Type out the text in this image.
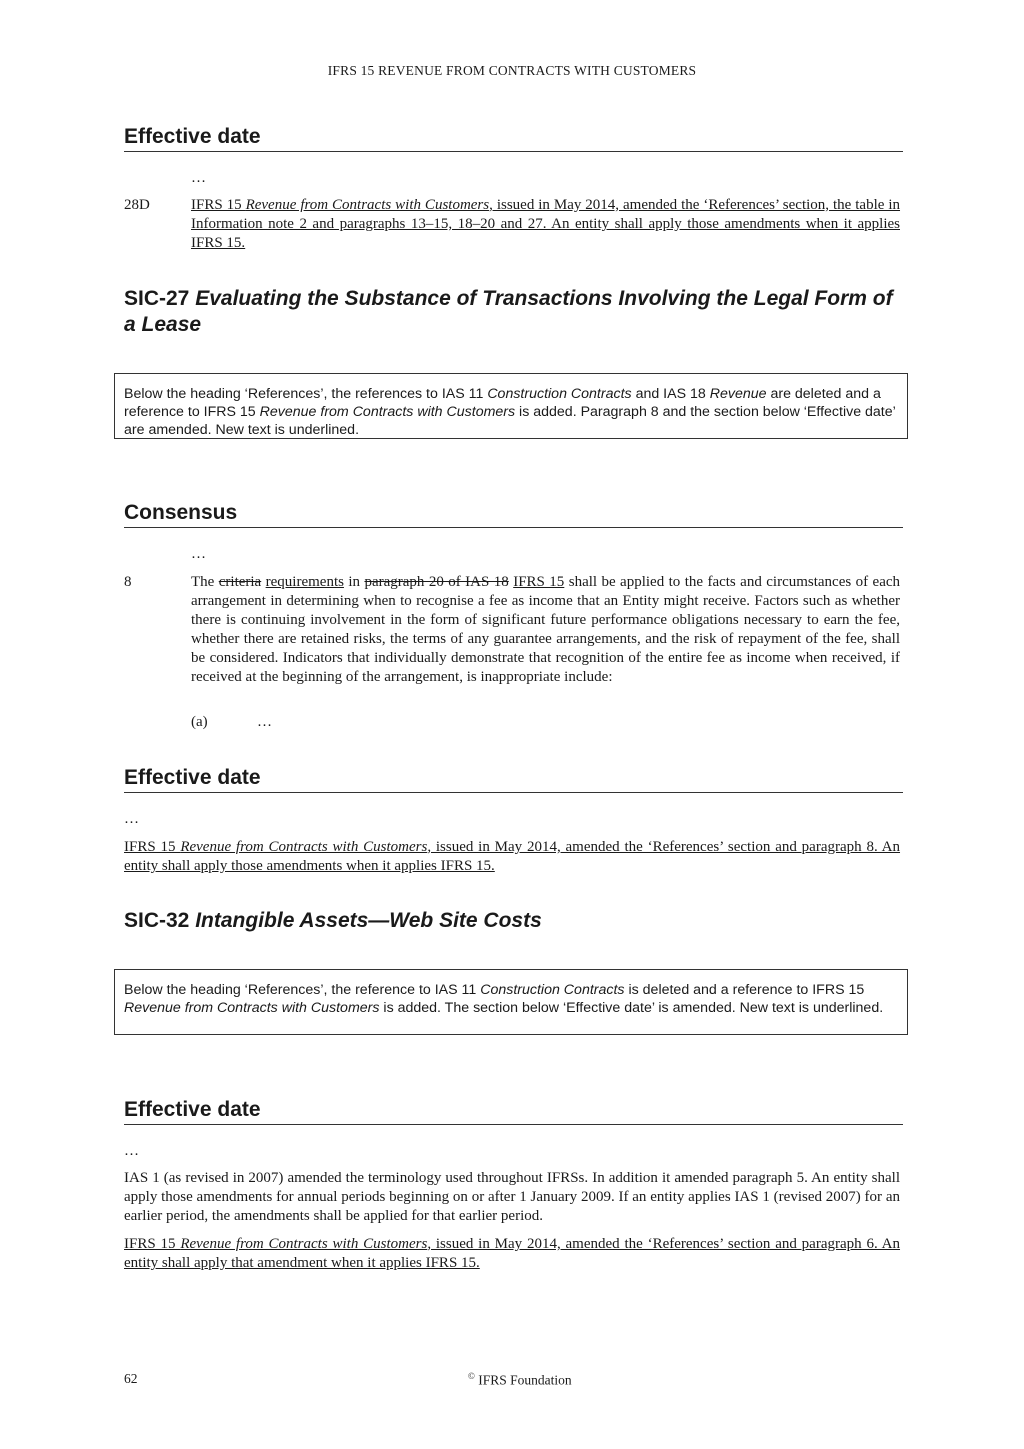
IFRS 15 REVENUE FROM CONTRACTS WITH CUSTOMERS
Effective date
…
28D	IFRS 15 Revenue from Contracts with Customers, issued in May 2014, amended the ‘References’ section, the table in Information note 2 and paragraphs 13–15, 18–20 and 27. An entity shall apply those amendments when it applies IFRS 15.
SIC-27 Evaluating the Substance of Transactions Involving the Legal Form of a Lease
Below the heading ‘References’, the references to IAS 11 Construction Contracts and IAS 18 Revenue are deleted and a reference to IFRS 15 Revenue from Contracts with Customers is added. Paragraph 8 and the section below ‘Effective date’ are amended. New text is underlined.
Consensus
…
8	The criteria requirements in paragraph 20 of IAS 18 IFRS 15 shall be applied to the facts and circumstances of each arrangement in determining when to recognise a fee as income that an Entity might receive. Factors such as whether there is continuing involvement in the form of significant future performance obligations necessary to earn the fee, whether there are retained risks, the terms of any guarantee arrangements, and the risk of repayment of the fee, shall be considered. Indicators that individually demonstrate that recognition of the entire fee as income when received, if received at the beginning of the arrangement, is inappropriate include:
(a)	…
Effective date
…
IFRS 15 Revenue from Contracts with Customers, issued in May 2014, amended the ‘References’ section and paragraph 8. An entity shall apply those amendments when it applies IFRS 15.
SIC-32 Intangible Assets—Web Site Costs
Below the heading ‘References’, the reference to IAS 11 Construction Contracts is deleted and a reference to IFRS 15 Revenue from Contracts with Customers is added. The section below ‘Effective date’ is amended. New text is underlined.
Effective date
…
IAS 1 (as revised in 2007) amended the terminology used throughout IFRSs. In addition it amended paragraph 5. An entity shall apply those amendments for annual periods beginning on or after 1 January 2009. If an entity applies IAS 1 (revised 2007) for an earlier period, the amendments shall be applied for that earlier period.
IFRS 15 Revenue from Contracts with Customers, issued in May 2014, amended the ‘References’ section and paragraph 6. An entity shall apply that amendment when it applies IFRS 15.
62	© IFRS Foundation
